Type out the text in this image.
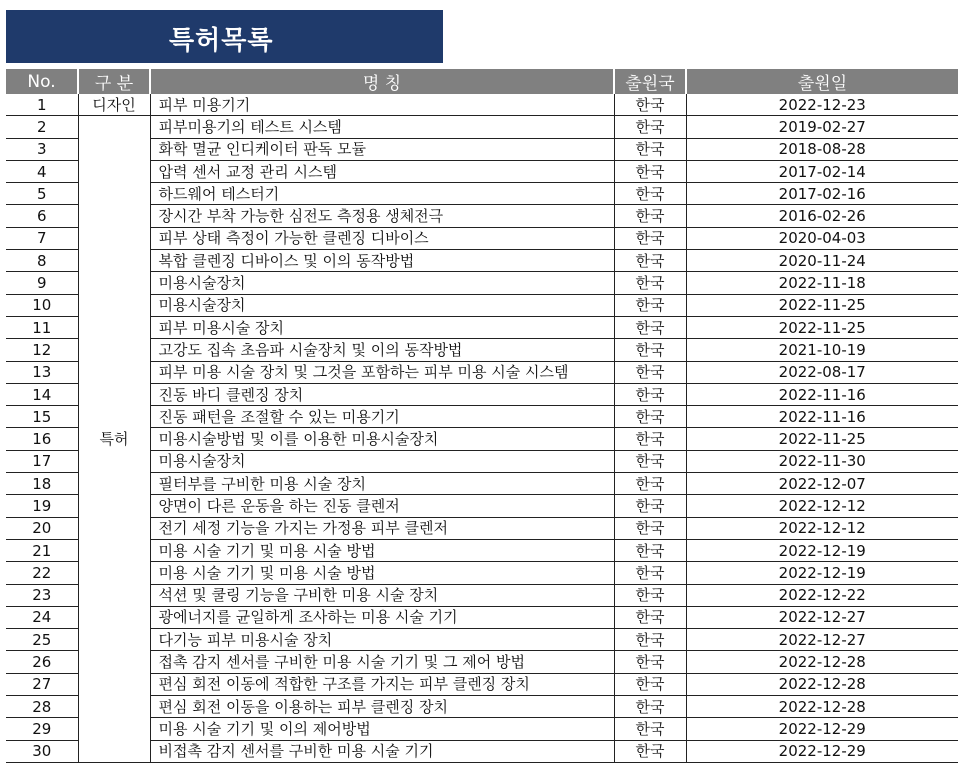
특허목록
No.	구 분	명 칭	출원국	출원일
1	디자인	피부 미용기기	한국	2022-12-23
2	특허	피부미용기의 테스트 시스템	한국	2019-02-27
3		화학 멸균 인디케이터 판독 모듈	한국	2018-08-28
4		압력 센서 교정 관리 시스템	한국	2017-02-14
5		하드웨어 테스터기	한국	2017-02-16
6		장시간 부착 가능한 심전도 측정용 생체전극	한국	2016-02-26
7		피부 상태 측정이 가능한 클렌징 디바이스	한국	2020-04-03
8		복합 클렌징 디바이스 및 이의 동작방법	한국	2020-11-24
9		미용시술장치	한국	2022-11-18
10		미용시술장치	한국	2022-11-25
11		피부 미용시술 장치	한국	2022-11-25
12		고강도 집속 초음파 시술장치 및 이의 동작방법	한국	2021-10-19
13		피부 미용 시술 장치 및 그것을 포함하는 피부 미용 시술 시스템	한국	2022-08-17
14		진동 바디 클렌징 장치	한국	2022-11-16
15		진동 패턴을 조절할 수 있는 미용기기	한국	2022-11-16
16		미용시술방법 및 이를 이용한 미용시술장치	한국	2022-11-25
17		미용시술장치	한국	2022-11-30
18		필터부를 구비한 미용 시술 장치	한국	2022-12-07
19		양면이 다른 운동을 하는 진동 클렌저	한국	2022-12-12
20		전기 세정 기능을 가지는 가정용 피부 클렌저	한국	2022-12-12
21		미용 시술 기기 및 미용 시술 방법	한국	2022-12-19
22		미용 시술 기기 및 미용 시술 방법	한국	2022-12-19
23		석션 및 쿨링 기능을 구비한 미용 시술 장치	한국	2022-12-22
24		광에너지를 균일하게 조사하는 미용 시술 기기	한국	2022-12-27
25		다기능 피부 미용시술 장치	한국	2022-12-27
26		접촉 감지 센서를 구비한 미용 시술 기기 및 그 제어 방법	한국	2022-12-28
27		편심 회전 이동에 적합한 구조를 가지는 피부 클렌징 장치	한국	2022-12-28
28		편심 회전 이동을 이용하는 피부 클렌징 장치	한국	2022-12-28
29		미용 시술 기기 및 이의 제어방법	한국	2022-12-29
30		비접촉 감지 센서를 구비한 미용 시술 기기	한국	2022-12-29
